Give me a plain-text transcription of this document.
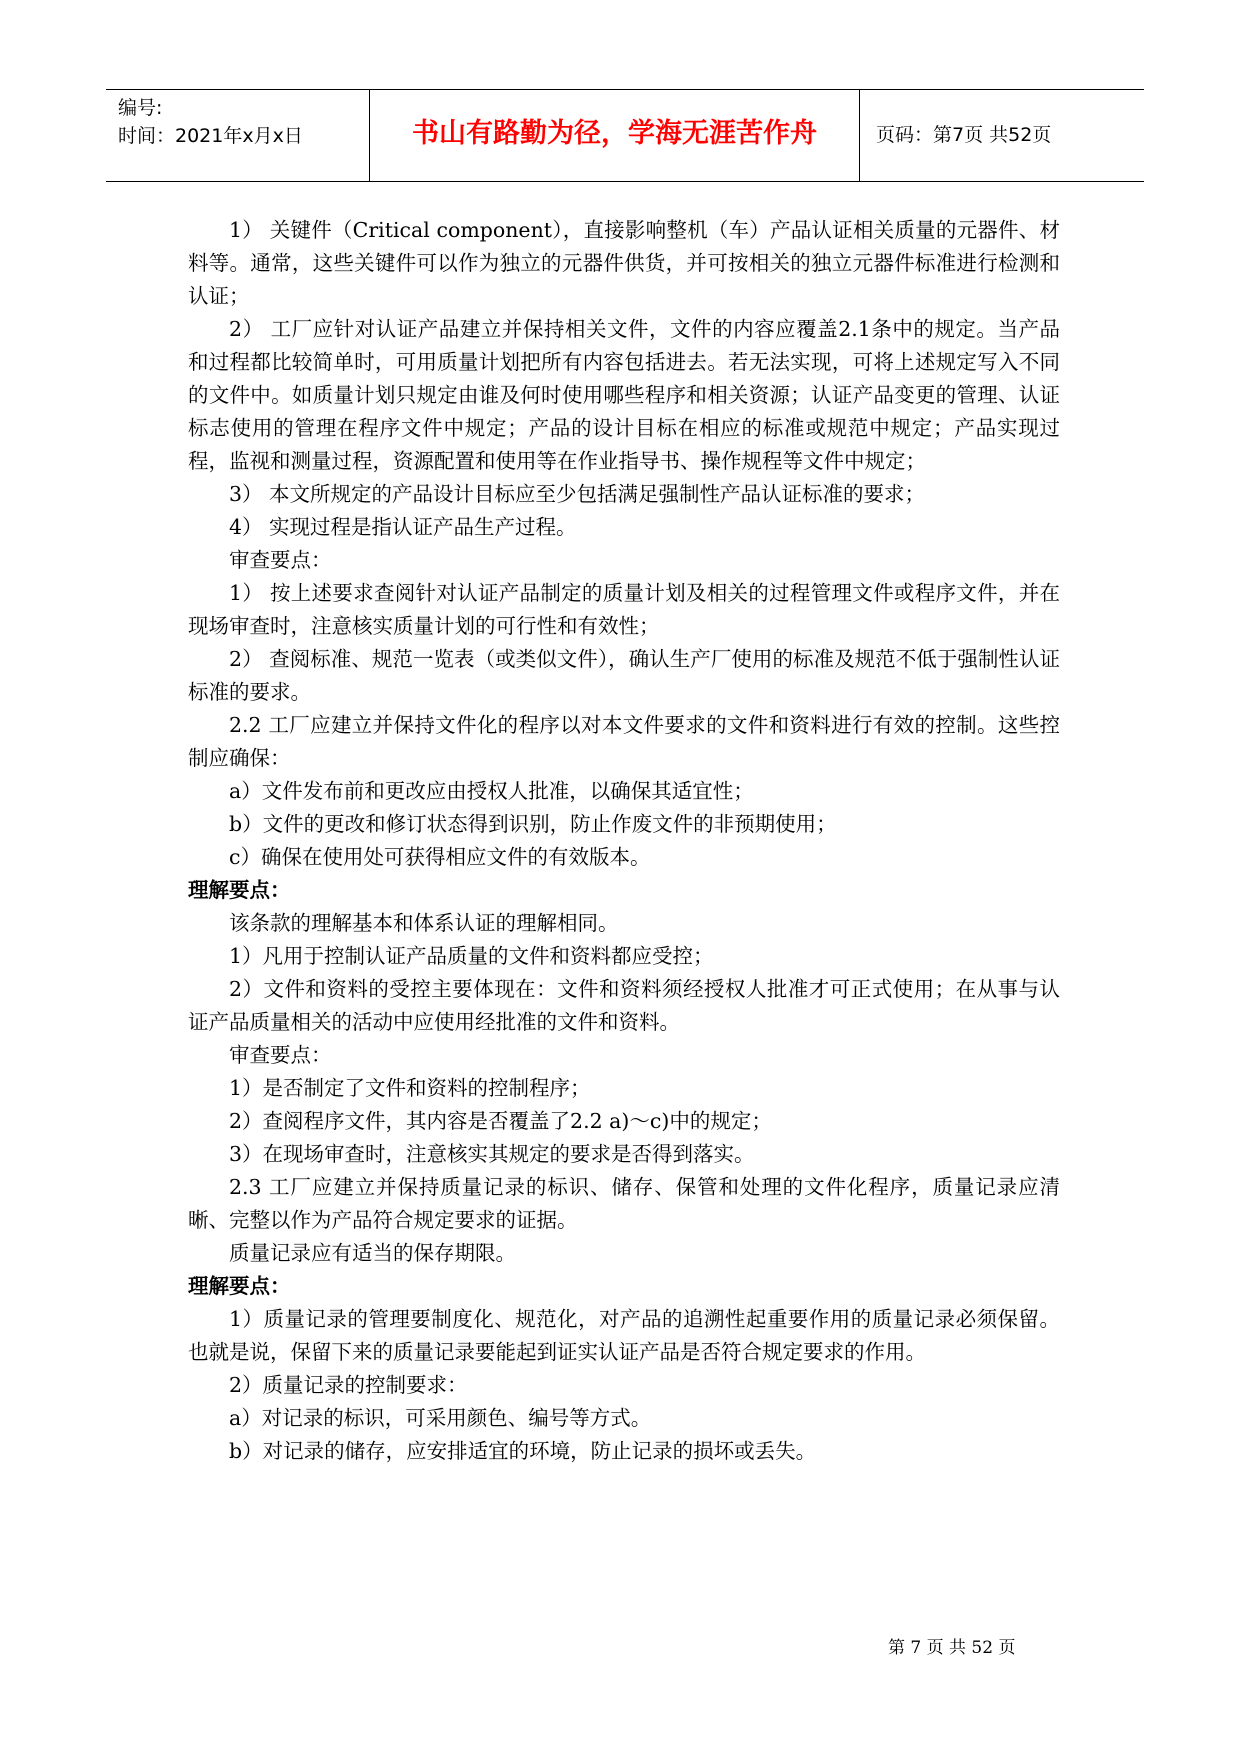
编号:
时间：2021年x月x日	书山有路勤为径，学海无涯苦作舟	页码：第7页 共52页

1） 关键件（Critical component），直接影响整机（车）产品认证相关质量的元器件、材料等。通常，这些关键件可以作为独立的元器件供货，并可按相关的独立元器件标准进行检测和认证；

2） 工厂应针对认证产品建立并保持相关文件，文件的内容应覆盖2.1条中的规定。当产品和过程都比较简单时，可用质量计划把所有内容包括进去。若无法实现，可将上述规定写入不同的文件中。如质量计划只规定由谁及何时使用哪些程序和相关资源；认证产品变更的管理、认证标志使用的管理在程序文件中规定；产品的设计目标在相应的标准或规范中规定；产品实现过程，监视和测量过程，资源配置和使用等在作业指导书、操作规程等文件中规定；

3） 本文所规定的产品设计目标应至少包括满足强制性产品认证标准的要求；

4） 实现过程是指认证产品生产过程。

审查要点：

1） 按上述要求查阅针对认证产品制定的质量计划及相关的过程管理文件或程序文件，并在现场审查时，注意核实质量计划的可行性和有效性；

2） 查阅标准、规范一览表（或类似文件），确认生产厂使用的标准及规范不低于强制性认证标准的要求。

2.2 工厂应建立并保持文件化的程序以对本文件要求的文件和资料进行有效的控制。这些控制应确保：

a）文件发布前和更改应由授权人批准，以确保其适宜性；

b）文件的更改和修订状态得到识别，防止作废文件的非预期使用；

c）确保在使用处可获得相应文件的有效版本。

理解要点：

该条款的理解基本和体系认证的理解相同。

1）凡用于控制认证产品质量的文件和资料都应受控；

2）文件和资料的受控主要体现在：文件和资料须经授权人批准才可正式使用；在从事与认证产品质量相关的活动中应使用经批准的文件和资料。

审查要点：

1）是否制定了文件和资料的控制程序；

2）查阅程序文件，其内容是否覆盖了2.2 a)～c)中的规定；

3）在现场审查时，注意核实其规定的要求是否得到落实。

2.3 工厂应建立并保持质量记录的标识、储存、保管和处理的文件化程序，质量记录应清晰、完整以作为产品符合规定要求的证据。

质量记录应有适当的保存期限。

理解要点：

1）质量记录的管理要制度化、规范化，对产品的追溯性起重要作用的质量记录必须保留。也就是说，保留下来的质量记录要能起到证实认证产品是否符合规定要求的作用。

2）质量记录的控制要求：

a）对记录的标识，可采用颜色、编号等方式。

b）对记录的储存，应安排适宜的环境，防止记录的损坏或丢失。

第 7 页 共 52 页
